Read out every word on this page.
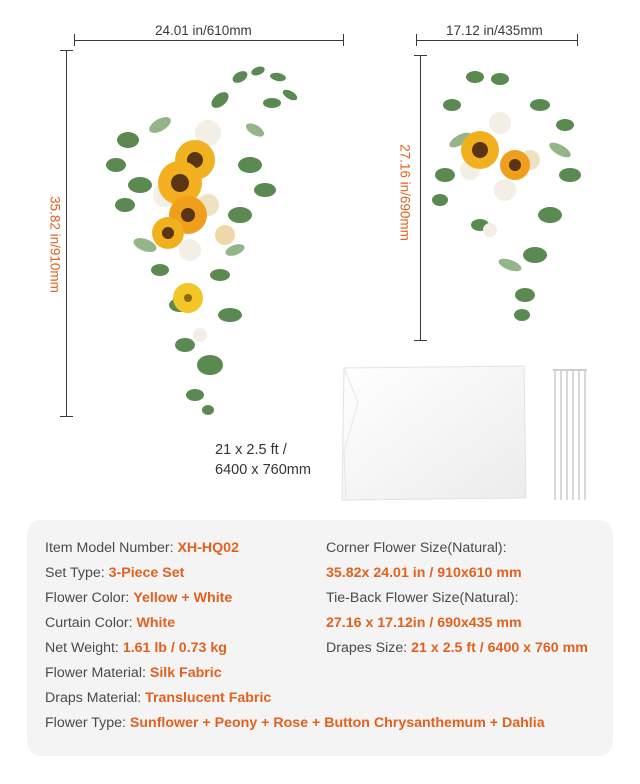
24.01 in/610mm
35.82 in/910mm
17.12 in/435mm
27.16 in/690mm
21 x 2.5 ft /
6400 x 760mm
Item Model Number: XH-HQ02
Set Type: 3-Piece Set
Flower Color: Yellow + White
Curtain Color: White
Net Weight: 1.61 lb / 0.73 kg
Flower Material: Silk Fabric
Draps Material: Translucent Fabric
Flower Type: Sunflower + Peony + Rose + Button Chrysanthemum + Dahlia
Corner Flower Size(Natural):
35.82x 24.01 in / 910x610 mm
Tie-Back Flower Size(Natural):
27.16 x 17.12in / 690x435 mm
Drapes Size: 21 x 2.5 ft / 6400 x 760 mm
